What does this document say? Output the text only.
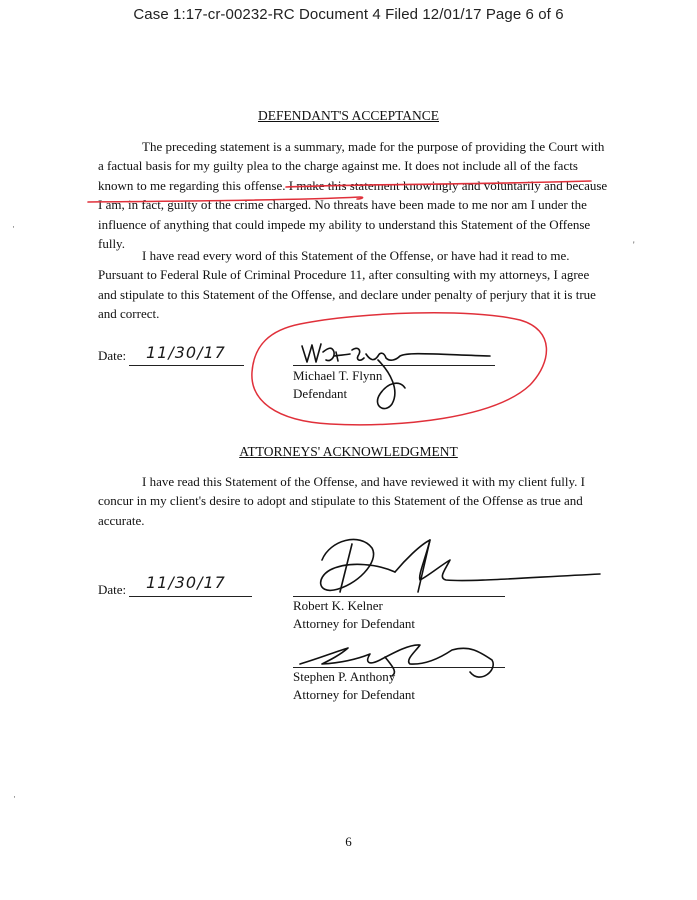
Case 1:17-cr-00232-RC Document 4 Filed 12/01/17 Page 6 of 6
DEFENDANT'S ACCEPTANCE
The preceding statement is a summary, made for the purpose of providing the Court with a factual basis for my guilty plea to the charge against me. It does not include all of the facts known to me regarding this offense. I make this statement knowingly and voluntarily and because I am, in fact, guilty of the crime charged. No threats have been made to me nor am I under the influence of anything that could impede my ability to understand this Statement of the Offense fully.
I have read every word of this Statement of the Offense, or have had it read to me. Pursuant to Federal Rule of Criminal Procedure 11, after consulting with my attorneys, I agree and stipulate to this Statement of the Offense, and declare under penalty of perjury that it is true and correct.
Date: 11/30/17
Michael T. Flynn
Defendant
ATTORNEYS' ACKNOWLEDGMENT
I have read this Statement of the Offense, and have reviewed it with my client fully. I concur in my client's desire to adopt and stipulate to this Statement of the Offense as true and accurate.
Date: 11/30/17
Robert K. Kelner
Attorney for Defendant
Stephen P. Anthony
Attorney for Defendant
6
·
'
·
